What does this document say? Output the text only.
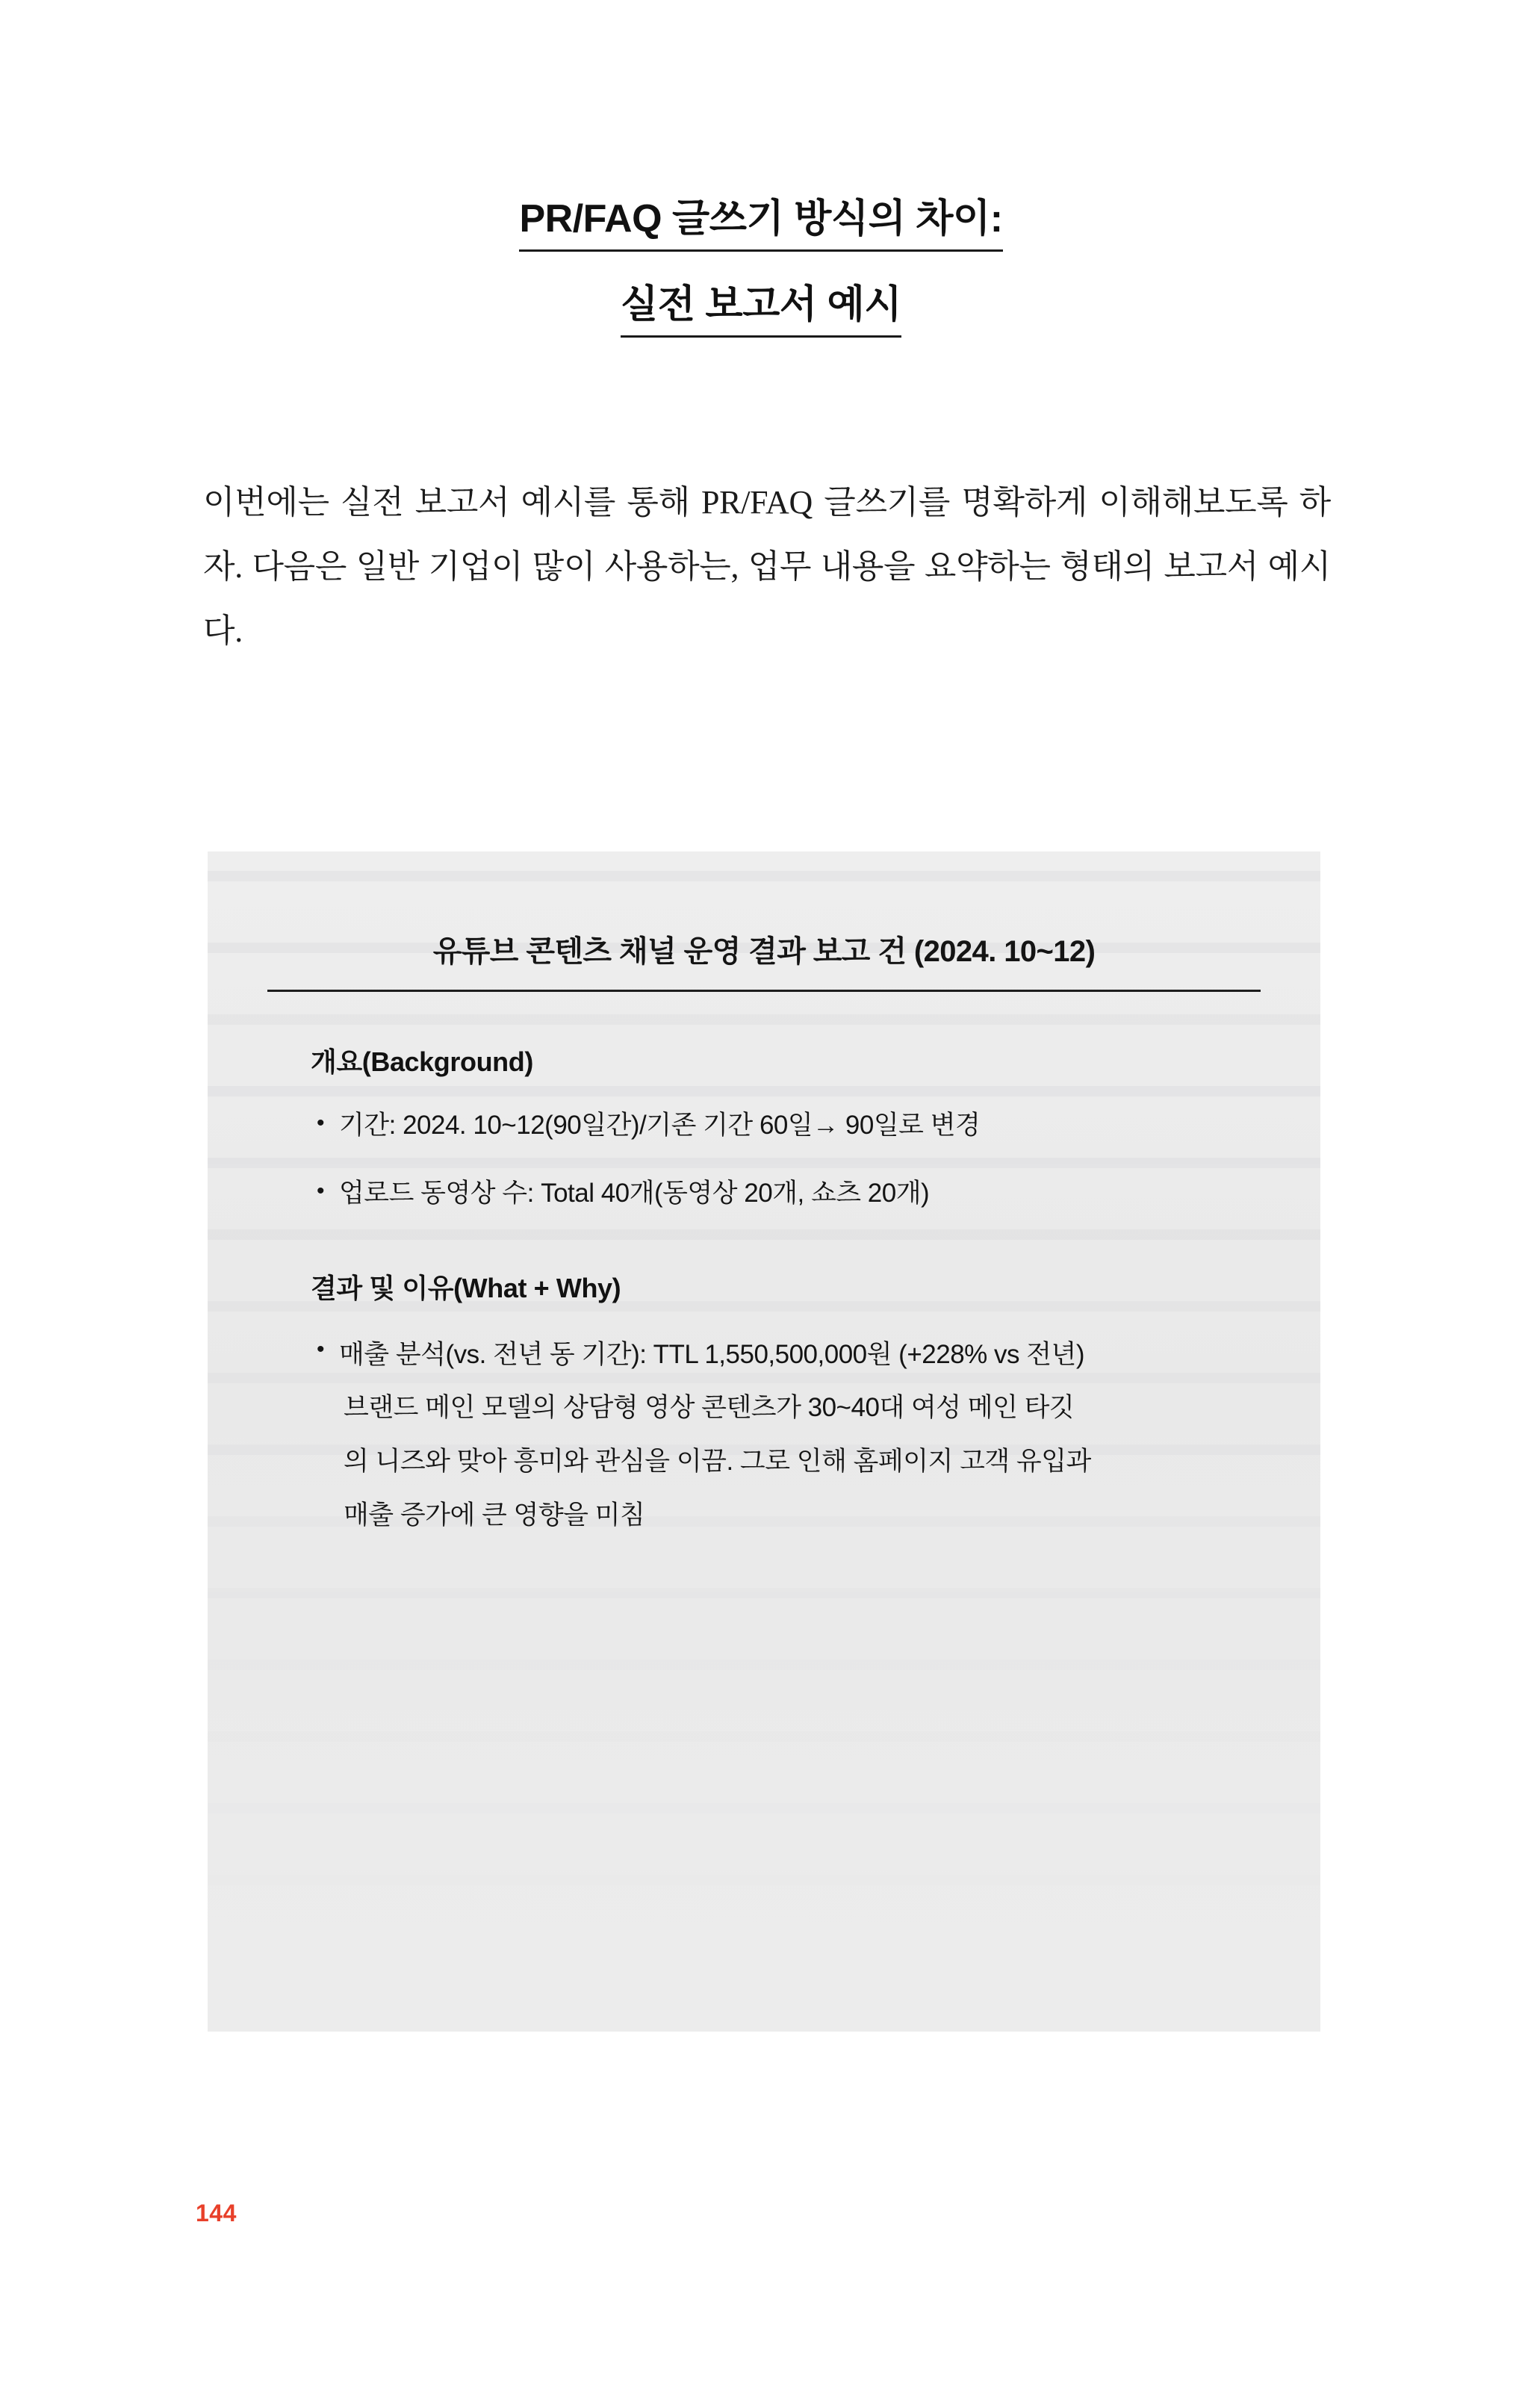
PR/FAQ 글쓰기 방식의 차이:
실전 보고서 예시
이번에는 실전 보고서 예시를 통해 PR/FAQ 글쓰기를 명확하게 이해해보도록 하자. 다음은 일반 기업이 많이 사용하는, 업무 내용을 요약하는 형태의 보고서 예시다.
유튜브 콘텐츠 채널 운영 결과 보고 건 (2024. 10~12)
개요(Background)
• 기간: 2024. 10~12(90일간)/기존 기간 60일→ 90일로 변경
• 업로드 동영상 수: Total 40개(동영상 20개, 쇼츠 20개)
결과 및 이유(What + Why)
• 매출 분석(vs. 전년 동 기간): TTL 1,550,500,000원 (+228% vs 전년)
브랜드 메인 모델의 상담형 영상 콘텐츠가 30~40대 여성 메인 타깃
의 니즈와 맞아 흥미와 관심을 이끔. 그로 인해 홈페이지 고객 유입과
매출 증가에 큰 영향을 미침
144
